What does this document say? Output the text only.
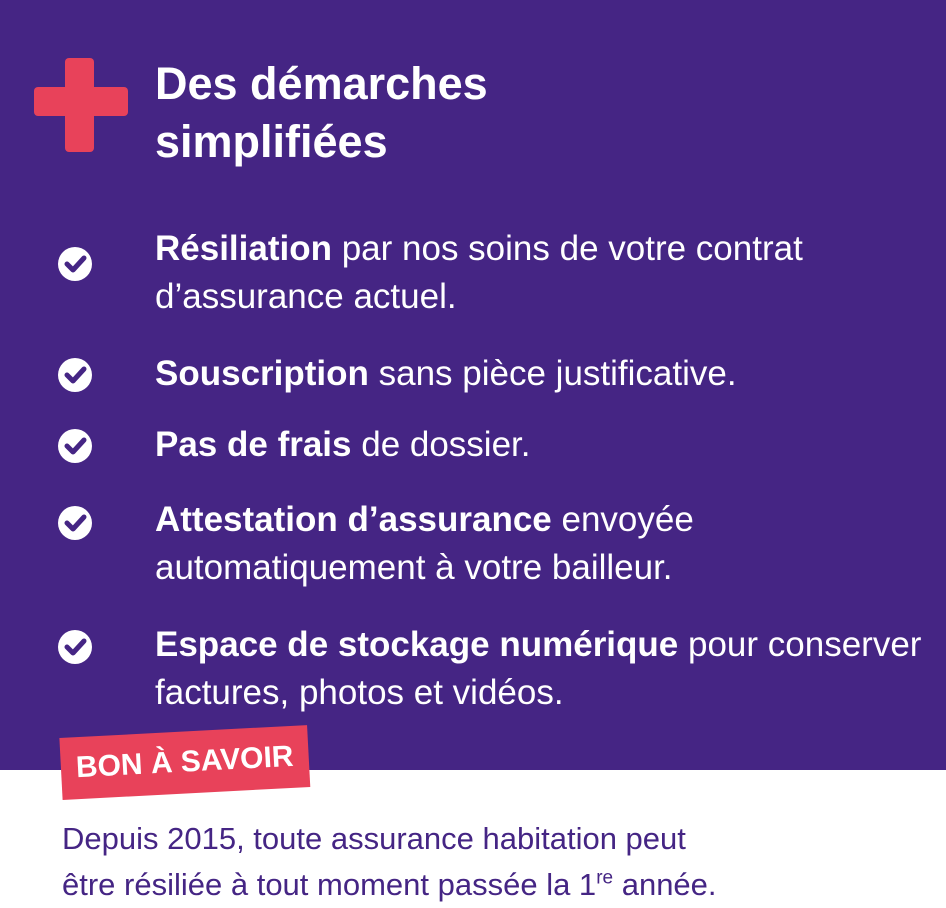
Des démarches
simplifiées

Résiliation par nos soins de votre contrat d’assurance actuel.

Souscription sans pièce justificative.

Pas de frais de dossier.

Attestation d’assurance envoyée automatiquement à votre bailleur.

Espace de stockage numérique pour conserver factures, photos et vidéos.

BON À SAVOIR

Depuis 2015, toute assurance habitation peut
être résiliée à tout moment passée la 1re année.
